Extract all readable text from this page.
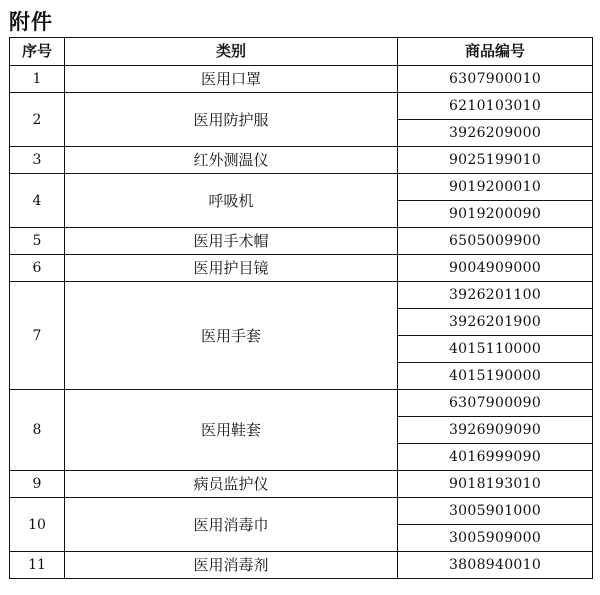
附件
序号	类别	商品编号
1	医用口罩	6307900010
2	医用防护服	6210103010
		3926209000
3	红外测温仪	9025199010
4	呼吸机	9019200010
		9019200090
5	医用手术帽	6505009900
6	医用护目镜	9004909000
7	医用手套	3926201100
		3926201900
		4015110000
		4015190000
8	医用鞋套	6307900090
		3926909090
		4016999090
9	病员监护仪	9018193010
10	医用消毒巾	3005901000
		3005909000
11	医用消毒剂	3808940010
